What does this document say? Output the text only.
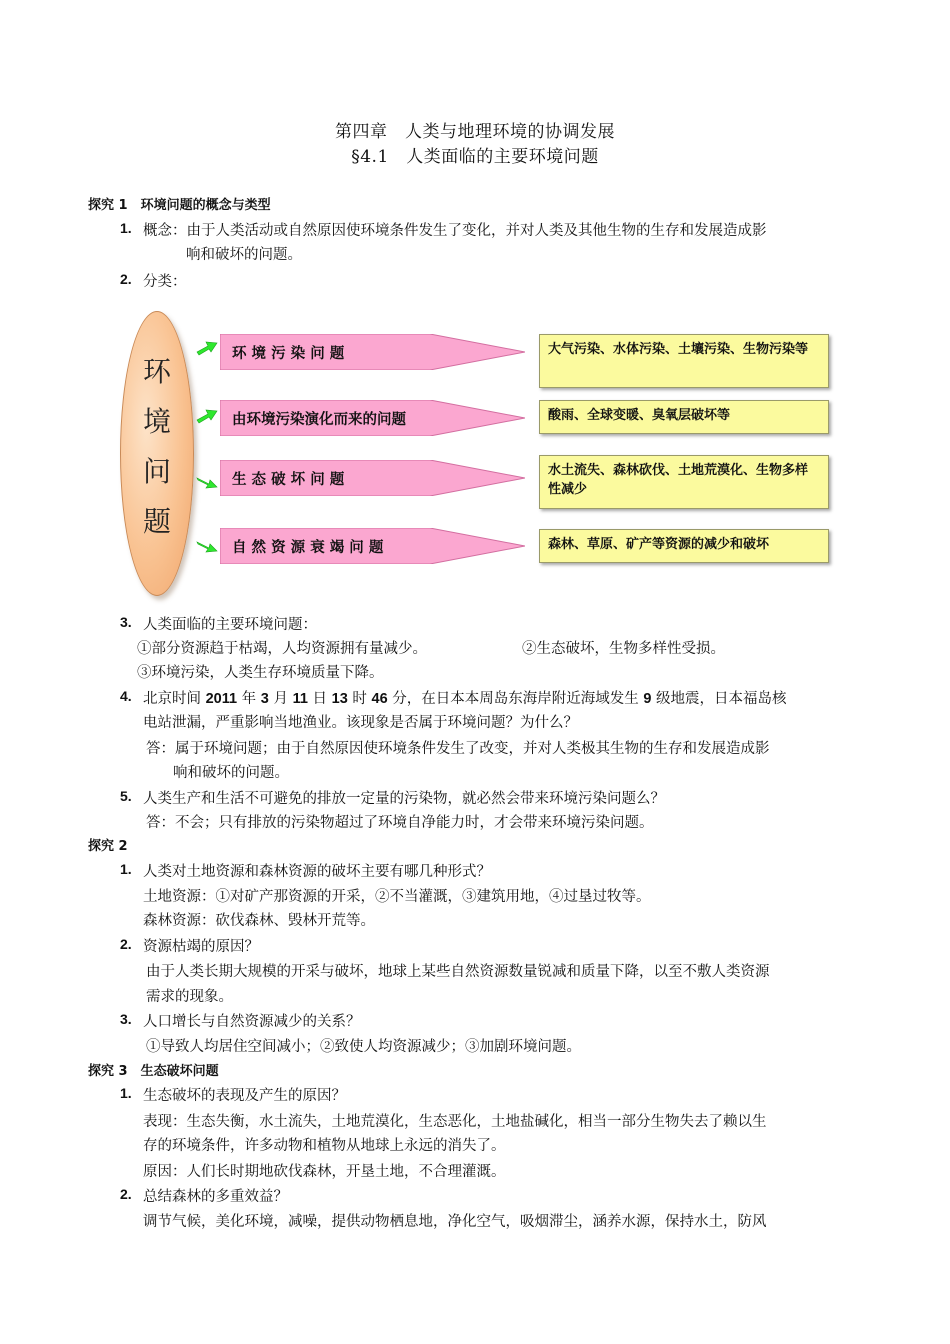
第四章　人类与地理环境的协调发展
§4.1　人类面临的主要环境问题
探究 1　环境问题的概念与类型
1. 概念：由于人类活动或自然原因使环境条件发生了变化，并对人类及其他生物的生存和发展造成影
响和破坏的问题。
2. 分类：
环
境
问
题
环 境 污 染 问 题
由环境污染演化而来的问题
生 态 破 坏 问 题
自 然 资 源 衰 竭 问 题
大气污染、水体污染、土壤污染、生物污染等
酸雨、全球变暖、臭氧层破坏等
水土流失、森林砍伐、土地荒漠化、生物多样性减少
森林、草原、矿产等资源的减少和破坏
3. 人类面临的主要环境问题：
①部分资源趋于枯竭，人均资源拥有量减少。	②生态破坏，生物多样性受损。
③环境污染，人类生存环境质量下降。
4. 北京时间 2011 年 3 月 11 日 13 时 46 分，在日本本周岛东海岸附近海域发生 9 级地震，日本福岛核
电站泄漏，严重影响当地渔业。该现象是否属于环境问题？为什么？
答：属于环境问题；由于自然原因使环境条件发生了改变，并对人类极其生物的生存和发展造成影
响和破坏的问题。
5. 人类生产和生活不可避免的排放一定量的污染物，就必然会带来环境污染问题么？
答：不会；只有排放的污染物超过了环境自净能力时，才会带来环境污染问题。
探究 2
1. 人类对土地资源和森林资源的破坏主要有哪几种形式？
土地资源：①对矿产那资源的开采，②不当灌溉，③建筑用地，④过垦过牧等。
森林资源：砍伐森林、毁林开荒等。
2. 资源枯竭的原因？
由于人类长期大规模的开采与破坏，地球上某些自然资源数量锐减和质量下降，以至不敷人类资源
需求的现象。
3. 人口增长与自然资源减少的关系？
①导致人均居住空间减小；②致使人均资源减少；③加剧环境问题。
探究 3　生态破坏问题
1. 生态破坏的表现及产生的原因？
表现：生态失衡，水土流失，土地荒漠化，生态恶化，土地盐碱化，相当一部分生物失去了赖以生
存的环境条件，许多动物和植物从地球上永远的消失了。
原因：人们长时期地砍伐森林，开垦土地，不合理灌溉。
2. 总结森林的多重效益？
调节气候，美化环境，减噪，提供动物栖息地，净化空气，吸烟滞尘，涵养水源，保持水土，防风
